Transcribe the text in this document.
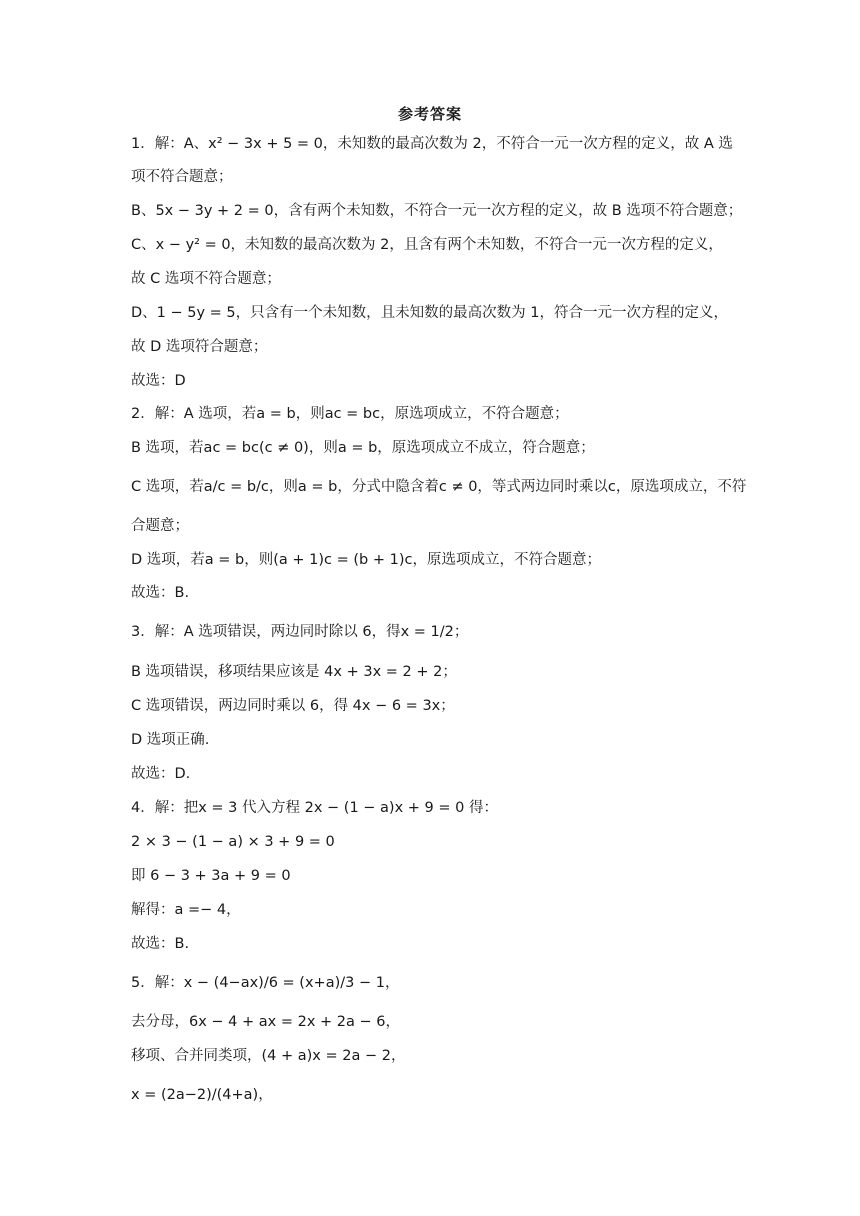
参考答案
1．解：A、x² − 3x + 5 = 0，未知数的最高次数为 2，不符合一元一次方程的定义，故 A 选
项不符合题意；
B、5x − 3y + 2 = 0，含有两个未知数，不符合一元一次方程的定义，故 B 选项不符合题意；
C、x − y² = 0，未知数的最高次数为 2，且含有两个未知数，不符合一元一次方程的定义，
故 C 选项不符合题意；
D、1 − 5y = 5，只含有一个未知数，且未知数的最高次数为 1，符合一元一次方程的定义，
故 D 选项符合题意；
故选：D
2．解：A 选项，若a = b，则ac = bc，原选项成立，不符合题意；
B 选项，若ac = bc(c ≠ 0)，则a = b，原选项成立不成立，符合题意；
C 选项，若a/c = b/c，则a = b，分式中隐含着c ≠ 0，等式两边同时乘以c，原选项成立，不符
合题意；
D 选项，若a = b，则(a + 1)c = (b + 1)c，原选项成立，不符合题意；
故选：B.
3．解：A 选项错误，两边同时除以 6，得x = 1/2；
B 选项错误，移项结果应该是 4x + 3x = 2 + 2；
C 选项错误，两边同时乘以 6，得 4x − 6 = 3x；
D 选项正确.
故选：D.
4．解：把x = 3 代入方程 2x − (1 − a)x + 9 = 0 得：
2 × 3 − (1 − a) × 3 + 9 = 0
即 6 − 3 + 3a + 9 = 0
解得：a =− 4，
故选：B.
5．解：x − (4−ax)/6 = (x+a)/3 − 1，
去分母，6x − 4 + ax = 2x + 2a − 6，
移项、合并同类项，(4 + a)x = 2a − 2，
x = (2a−2)/(4+a)，
